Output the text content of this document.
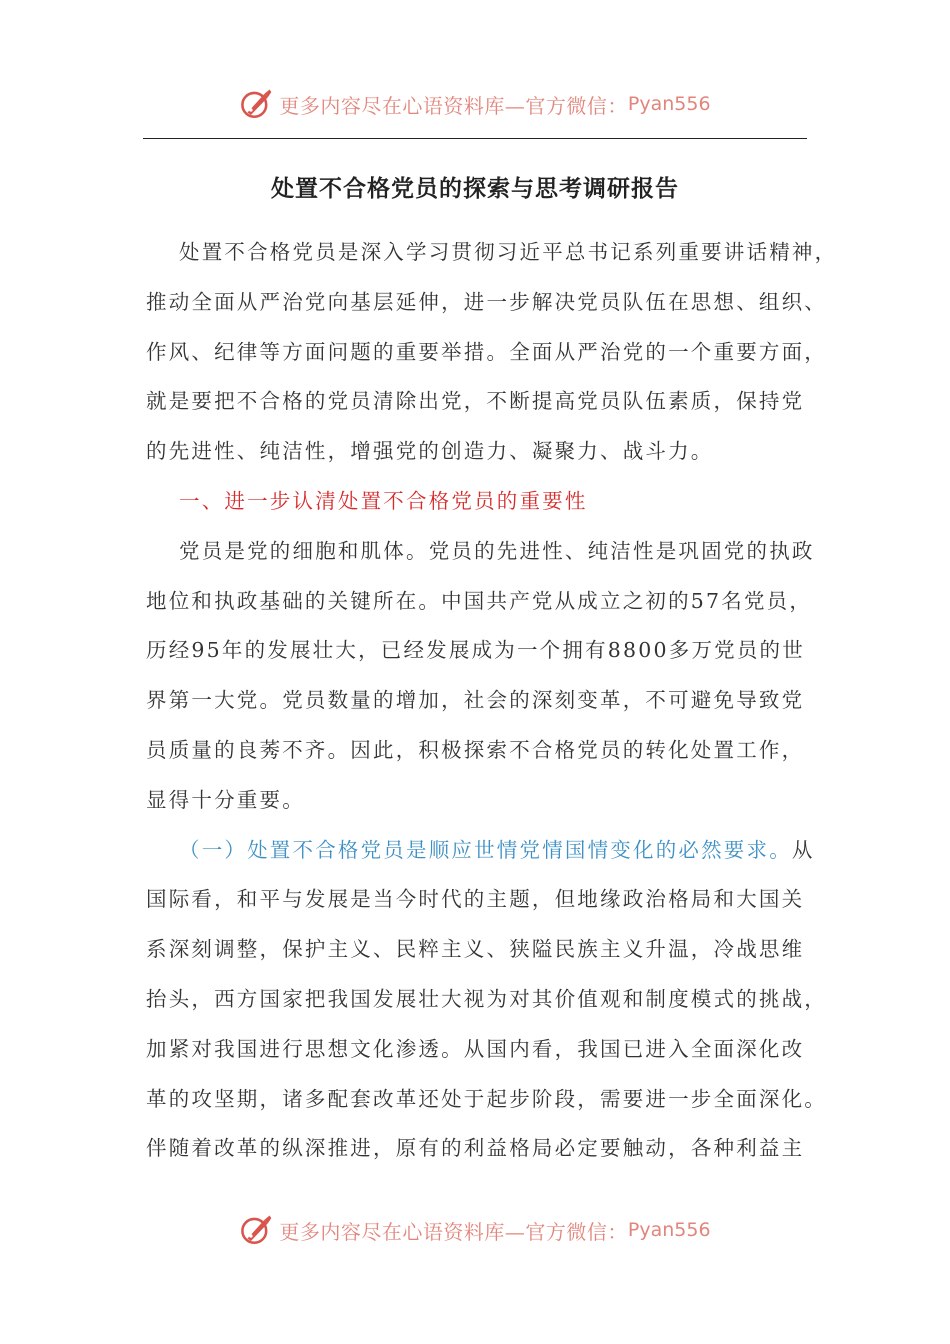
更多内容尽在心语资料库—官方微信： Pyan556
处置不合格党员的探索与思考调研报告
处置不合格党员是深入学习贯彻习近平总书记系列重要讲话精神，
推动全面从严治党向基层延伸，进一步解决党员队伍在思想、组织、
作风、纪律等方面问题的重要举措。全面从严治党的一个重要方面，
就是要把不合格的党员清除出党，不断提高党员队伍素质，保持党
的先进性、纯洁性，增强党的创造力、凝聚力、战斗力。
一、进一步认清处置不合格党员的重要性
党员是党的细胞和肌体。党员的先进性、纯洁性是巩固党的执政
地位和执政基础的关键所在。中国共产党从成立之初的57名党员，
历经95年的发展壮大，已经发展成为一个拥有8800多万党员的世
界第一大党。党员数量的增加，社会的深刻变革，不可避免导致党
员质量的良莠不齐。因此，积极探索不合格党员的转化处置工作，
显得十分重要。
（一）处置不合格党员是顺应世情党情国情变化的必然要求。从
国际看，和平与发展是当今时代的主题，但地缘政治格局和大国关
系深刻调整，保护主义、民粹主义、狭隘民族主义升温，冷战思维
抬头，西方国家把我国发展壮大视为对其价值观和制度模式的挑战，
加紧对我国进行思想文化渗透。从国内看，我国已进入全面深化改
革的攻坚期，诸多配套改革还处于起步阶段，需要进一步全面深化。
伴随着改革的纵深推进，原有的利益格局必定要触动，各种利益主
更多内容尽在心语资料库—官方微信： Pyan556
